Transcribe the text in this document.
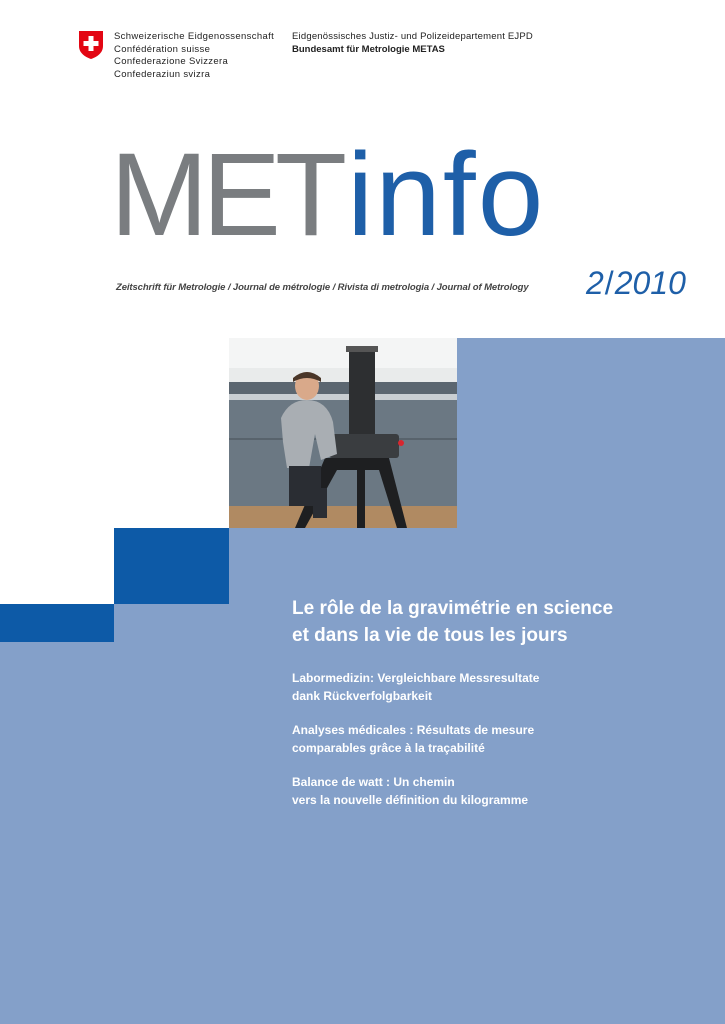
Schweizerische Eidgenossenschaft
Confédération suisse
Confederazione Svizzera
Confederaziun svizra
Eidgenössisches Justiz- und Polizeidepartement EJPD
Bundesamt für Metrologie METAS
METinfo
Zeitschrift für Metrologie / Journal de métrologie / Rivista di metrologia / Journal of Metrology 2/2010
Le rôle de la gravimétrie en science
et dans la vie de tous les jours
Labormedizin: Vergleichbare Messresultate
dank Rückverfolgbarkeit
Analyses médicales : Résultats de mesure
comparables grâce à la traçabilité
Balance de watt : Un chemin
vers la nouvelle définition du kilogramme
